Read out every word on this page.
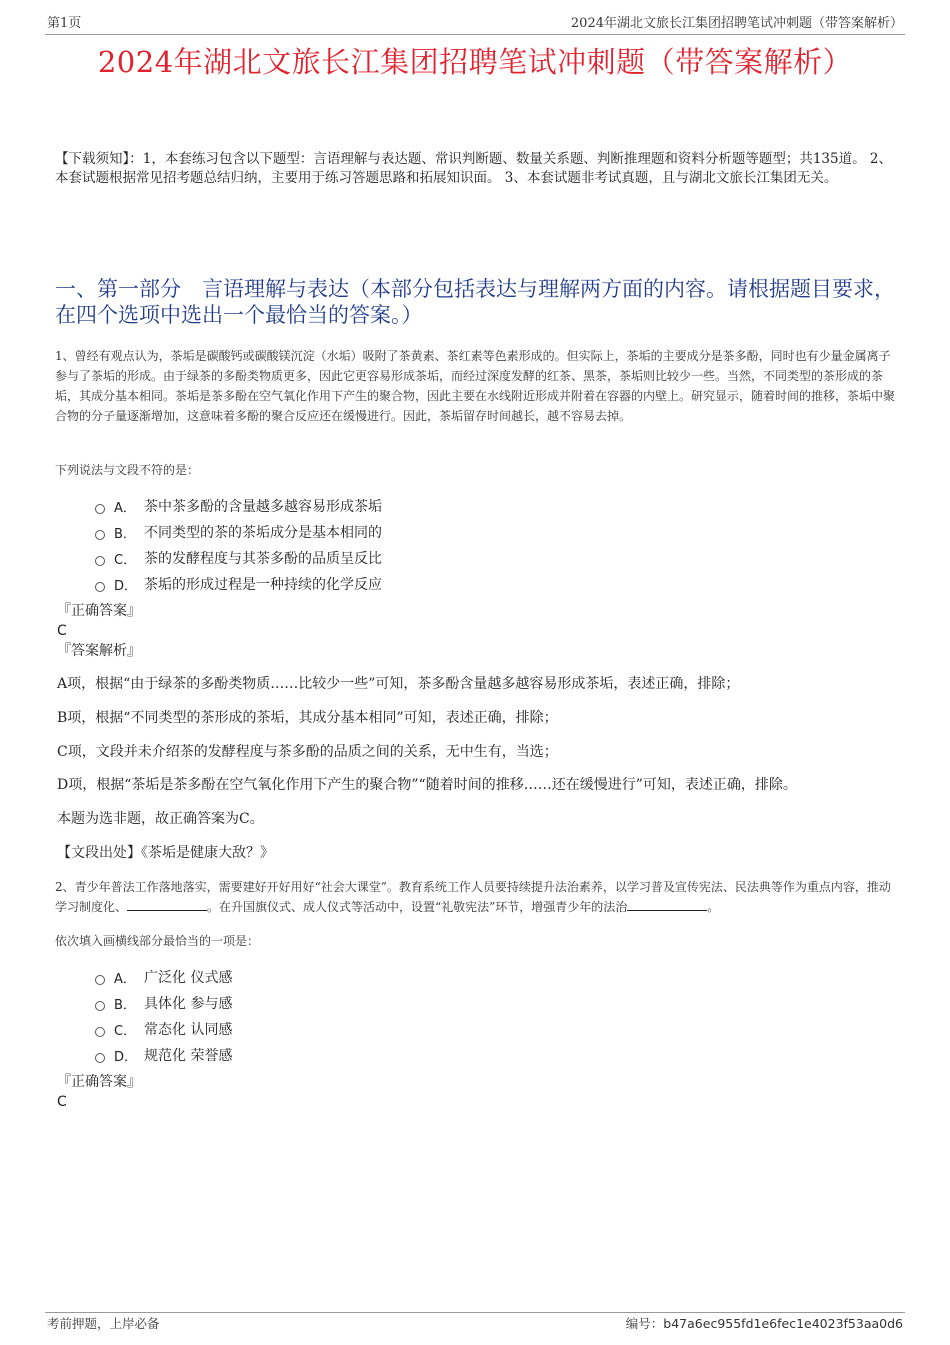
第1页	2024年湖北文旅长江集团招聘笔试冲刺题（带答案解析）
2024年湖北文旅长江集团招聘笔试冲刺题（带答案解析）
【下载须知】：1，本套练习包含以下题型：言语理解与表达题、常识判断题、数量关系题、判断推理题和资料分析题等题型；共135道。 2、本套试题根据常见招考题总结归纳，主要用于练习答题思路和拓展知识面。 3、本套试题非考试真题，且与湖北文旅长江集团无关。
一、第一部分　言语理解与表达（本部分包括表达与理解两方面的内容。请根据题目要求，在四个选项中选出一个最恰当的答案。）
1、曾经有观点认为，茶垢是碳酸钙或碳酸镁沉淀（水垢）吸附了茶黄素、茶红素等色素形成的。但实际上，茶垢的主要成分是茶多酚，同时也有少量金属离子参与了茶垢的形成。由于绿茶的多酚类物质更多，因此它更容易形成茶垢，而经过深度发酵的红茶、黑茶，茶垢则比较少一些。当然，不同类型的茶形成的茶垢，其成分基本相同。茶垢是茶多酚在空气氧化作用下产生的聚合物，因此主要在水线附近形成并附着在容器的内壁上。研究显示，随着时间的推移，茶垢中聚合物的分子量逐渐增加，这意味着多酚的聚合反应还在缓慢进行。因此，茶垢留存时间越长，越不容易去掉。
下列说法与文段不符的是：
A． 茶中茶多酚的含量越多越容易形成茶垢
B． 不同类型的茶的茶垢成分是基本相同的
C． 茶的发酵程度与其茶多酚的品质呈反比
D． 茶垢的形成过程是一种持续的化学反应
『正确答案』
C
『答案解析』
A项，根据“由于绿茶的多酚类物质……比较少一些”可知，茶多酚含量越多越容易形成茶垢，表述正确，排除；
B项，根据“不同类型的茶形成的茶垢，其成分基本相同”可知，表述正确，排除；
C项，文段并未介绍茶的发酵程度与茶多酚的品质之间的关系，无中生有，当选；
D项，根据“茶垢是茶多酚在空气氧化作用下产生的聚合物”“随着时间的推移……还在缓慢进行”可知，表述正确，排除。
本题为选非题，故正确答案为C。
【文段出处】《茶垢是健康大敌？》
2、青少年普法工作落地落实，需要建好开好用好“社会大课堂”。教育系统工作人员要持续提升法治素养，以学习普及宣传宪法、民法典等作为重点内容，推动学习制度化、	。在升国旗仪式、成人仪式等活动中，设置“礼敬宪法”环节，增强青少年的法治	。
依次填入画横线部分最恰当的一项是：
A． 广泛化 仪式感
B． 具体化 参与感
C． 常态化 认同感
D． 规范化 荣誉感
『正确答案』
C
考前押题，上岸必备	编号：b47a6ec955fd1e6fec1e4023f53aa0d6
